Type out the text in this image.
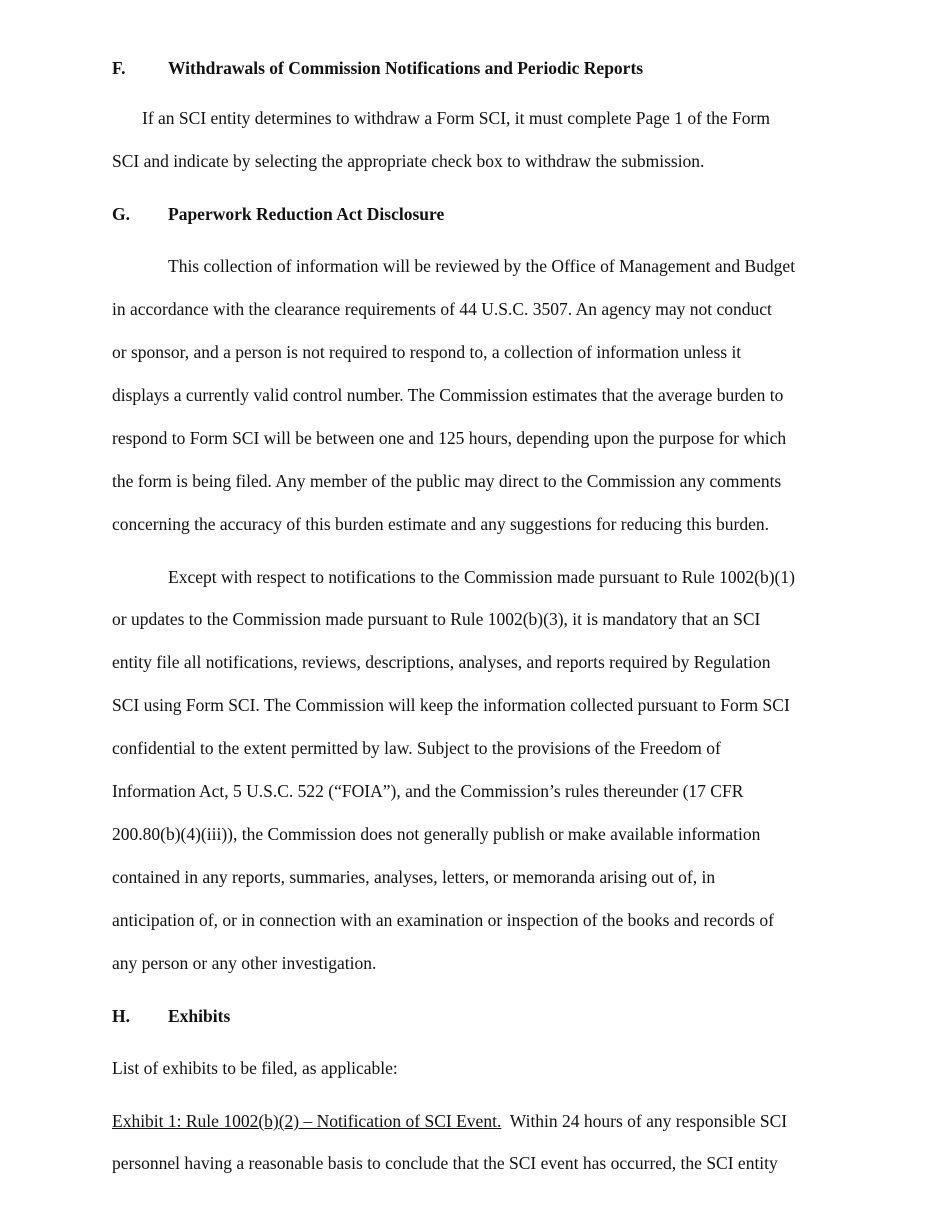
F. Withdrawals of Commission Notifications and Periodic Reports
If an SCI entity determines to withdraw a Form SCI, it must complete Page 1 of the Form
SCI and indicate by selecting the appropriate check box to withdraw the submission.
G. Paperwork Reduction Act Disclosure
This collection of information will be reviewed by the Office of Management and Budget
in accordance with the clearance requirements of 44 U.S.C. 3507. An agency may not conduct
or sponsor, and a person is not required to respond to, a collection of information unless it
displays a currently valid control number. The Commission estimates that the average burden to
respond to Form SCI will be between one and 125 hours, depending upon the purpose for which
the form is being filed. Any member of the public may direct to the Commission any comments
concerning the accuracy of this burden estimate and any suggestions for reducing this burden.
Except with respect to notifications to the Commission made pursuant to Rule 1002(b)(1)
or updates to the Commission made pursuant to Rule 1002(b)(3), it is mandatory that an SCI
entity file all notifications, reviews, descriptions, analyses, and reports required by Regulation
SCI using Form SCI. The Commission will keep the information collected pursuant to Form SCI
confidential to the extent permitted by law. Subject to the provisions of the Freedom of
Information Act, 5 U.S.C. 522 (“FOIA”), and the Commission’s rules thereunder (17 CFR
200.80(b)(4)(iii)), the Commission does not generally publish or make available information
contained in any reports, summaries, analyses, letters, or memoranda arising out of, in
anticipation of, or in connection with an examination or inspection of the books and records of
any person or any other investigation.
H. Exhibits
List of exhibits to be filed, as applicable:
Exhibit 1: Rule 1002(b)(2) – Notification of SCI Event.  Within 24 hours of any responsible SCI
personnel having a reasonable basis to conclude that the SCI event has occurred, the SCI entity
